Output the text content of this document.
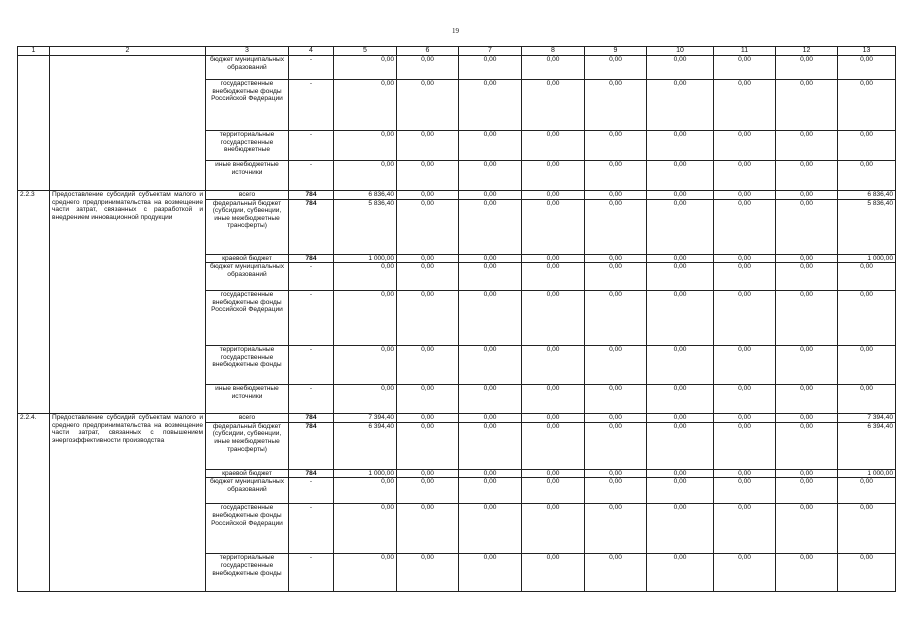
19
1	2	3	4	5	6	7	8	9	10	11	12	13
		бюджет муниципальных образований	-	0,00	0,00	0,00	0,00	0,00	0,00	0,00	0,00	0,00
		государственные внебюджетные фонды Российской Федерации	-	0,00	0,00	0,00	0,00	0,00	0,00	0,00	0,00	0,00
		территориальные государственные внебюджетные	-	0,00	0,00	0,00	0,00	0,00	0,00	0,00	0,00	0,00
		иные внебюджетные источники	-	0,00	0,00	0,00	0,00	0,00	0,00	0,00	0,00	0,00
2.2.3	Предоставление субсидий субъектам малого и среднего предпринимательства на возмещение части затрат, связанных с разработкой и внедрением инновационной продукции	всего	784	6 836,40	0,00	0,00	0,00	0,00	0,00	0,00	0,00	6 836,40
		федеральный бюджет (субсидии, субвенции, иные межбюджетные трансферты)	784	5 836,40	0,00	0,00	0,00	0,00	0,00	0,00	0,00	5 836,40
		краевой бюджет	784	1 000,00	0,00	0,00	0,00	0,00	0,00	0,00	0,00	1 000,00
		бюджет муниципальных образований	-	0,00	0,00	0,00	0,00	0,00	0,00	0,00	0,00	0,00
		государственные внебюджетные фонды Российской Федерации	-	0,00	0,00	0,00	0,00	0,00	0,00	0,00	0,00	0,00
		территориальные государственные внебюджетные фонды	-	0,00	0,00	0,00	0,00	0,00	0,00	0,00	0,00	0,00
		иные внебюджетные источники	-	0,00	0,00	0,00	0,00	0,00	0,00	0,00	0,00	0,00
2.2.4.	Предоставление субсидий субъектам малого и среднего предпринимательства на возмещение части затрат, связанных с повышением энергоэффективности производства	всего	784	7 394,40	0,00	0,00	0,00	0,00	0,00	0,00	0,00	7 394,40
		федеральный бюджет (субсидии, субвенции, иные межбюджетные трансферты)	784	6 394,40	0,00	0,00	0,00	0,00	0,00	0,00	0,00	6 394,40
		краевой бюджет	784	1 000,00	0,00	0,00	0,00	0,00	0,00	0,00	0,00	1 000,00
		бюджет муниципальных образований	-	0,00	0,00	0,00	0,00	0,00	0,00	0,00	0,00	0,00
		государственные внебюджетные фонды Российской Федерации	-	0,00	0,00	0,00	0,00	0,00	0,00	0,00	0,00	0,00
		территориальные государственные внебюджетные фонды	-	0,00	0,00	0,00	0,00	0,00	0,00	0,00	0,00	0,00
